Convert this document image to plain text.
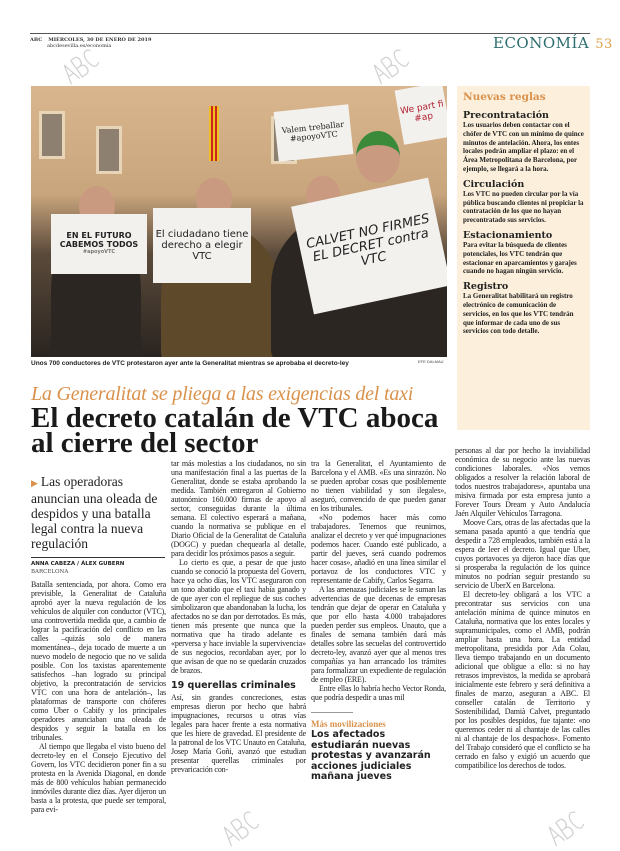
ABC MIÉRCOLES, 30 DE ENERO DE 2019
abcdesevilla.es/economia	ECONOMÍA 53
EN EL FUTURO CABEMOS TODOS
#apoyoVTC
El ciudadano tiene derecho a elegir VTC
Valem treballar #apoyoVTC
CALVET NO FIRMES EL DECRET contra VTC
We part fi #ap
Unos 700 conductores de VTC protestaron ayer ante la Generalitat mientras se aprobaba el decreto-ley	EFE DALMAU
La Generalitat se pliega a las exigencias del taxi
El decreto catalán de VTC aboca al cierre del sector
▶ Las operadoras anuncian una oleada de despidos y una batalla legal contra la nueva regulación
ANNA CABEZA / ÁLEX GUBERN
BARCELONA

Batalla sentenciada, por ahora. Como era previsible, la Generalitat de Cataluña aprobó ayer la nueva regulación de los vehículos de alquiler con conductor (VTC), una controvertida medida que, a cambio de lograr la pacificación del conflicto en las calles –quizás solo de manera momentánea–, deja tocado de muerte a un nuevo modelo de negocio que no ve salida posible. Con los taxistas aparentemente satisfechos –han logrado su principal objetivo, la precontratación de servicios VTC con una hora de antelación–, las plataformas de transporte con chóferes como Uber o Cabify y los principales operadores anunciaban una oleada de despidos y seguir la batalla en los tribunales.

Al tiempo que llegaba el visto bueno del decreto-ley en el Consejo Ejecutivo del Govern, los VTC decidieron poner fin a su protesta en la Avenida Diagonal, en donde más de 800 vehículos habían permanecido inmóviles durante diez días. Ayer dijeron un basta a la protesta, que puede ser temporal, para evi-

tar más molestias a los ciudadanos, no sin una manifestación final a las puertas de la Generalitat, donde se estaba aprobando la medida. También entregaron al Gobierno autonómico 160.000 firmas de apoyo al sector, conseguidas durante la última semana. El colectivo esperará a mañana, cuando la normativa se publique en el Diario Oficial de la Generalitat de Cataluña (DOGC) y puedan chequearla al detalle, para decidir los próximos pasos a seguir.

Lo cierto es que, a pesar de que justo cuando se conoció la propuesta del Govern, hace ya ocho días, los VTC aseguraron con un tono abatido que el taxi había ganado y de que ayer con el repliegue de sus coches simbolizaron que abandonaban la lucha, los afectados no se dan por derrotados. Es más, tienen más presente que nunca que la normativa que ha tirado adelante es «perversa y hace inviable la supervivencia» de sus negocios, recordaban ayer, por lo que avisan de que no se quedarán cruzados de brazos.

19 querellas criminales

Así, sin grandes concreciones, estas empresas dieron por hecho que habrá impugnaciones, recursos u otras vías legales para hacer frente a esta normativa que les hiere de gravedad. El presidente de la patronal de los VTC Unauto en Cataluña, Josep María Goñi, avanzó que estudian presentar querellas criminales por prevaricación con-

tra la Generalitat, el Ayuntamiento de Barcelona y el AMB. «Es una sinrazón. No se pueden aprobar cosas que posiblemente no tienen viabilidad y son ilegales», aseguró, convencido de que pueden ganar en los tribunales.

«No podemos hacer más como trabajadores. Tenemos que reunirnos, analizar el decreto y ver qué impugnaciones podemos hacer. Cuando esté publicado, a partir del jueves, será cuando podremos hacer cosas», añadió en una línea similar el portavoz de los conductores VTC y representante de Cabify, Carlos Segarra.

A las amenazas judiciales se le suman las advertencias de que decenas de empresas tendrán que dejar de operar en Cataluña y que por ello hasta 4.000 trabajadores pueden perder sus empleos. Unauto, que a finales de semana también dará más detalles sobre las secuelas del controvertido decreto-ley, avanzó ayer que al menos tres compañías ya han arrancado los trámites para formalizar un expediente de regulación de empleo (ERE).

Entre ellas lo habría hecho Vector Ronda, que podría despedir a unas mil

Más movilizaciones
Los afectados estudiarán nuevas protestas y avanzarán acciones judiciales mañana jueves

personas al dar por hecho la inviabilidad económica de su negocio ante las nuevas condiciones laborales. «Nos vemos obligados a resolver la relación laboral de todos nuestros trabajadores», apuntaba una misiva firmada por esta empresa junto a Forever Tours Dream y Auto Andalucía Jaén Alquiler Vehículos Tarragona.

Moove Cars, otras de las afectadas que la semana pasada apuntó a que tendría que despedir a 728 empleados, también está a la espera de leer el decreto. Igual que Uber, cuyos portavoces ya dijeron hace días que si prosperaba la regulación de los quince minutos no podrían seguir prestando su servicio de UberX en Barcelona.

El decreto-ley obligará a los VTC a precontratar sus servicios con una antelación mínima de quince minutos en Cataluña, normativa que los entes locales y supramunicipales, como el AMB, podrán ampliar hasta una hora. La entidad metropolitana, presidida por Ada Colau, lleva tiempo trabajando en un documento adicional que obligue a ello: si no hay retrasos imprevistos, la medida se aprobará inicialmente este febrero y será definitiva a finales de marzo, aseguran a ABC. El conseller catalán de Territorio y Sostenibilidad, Damià Calvet, preguntado por los posibles despidos, fue tajante: «no queremos ceder ni al chantaje de las calles ni al chantaje de los despachos». Fomento del Trabajo consideró que el conflicto se ha cerrado en falso y exigió un acuerdo que compatibilice los derechos de todos.

Nuevas reglas
Precontratación

Los usuarios deben contactar con el chófer de VTC con un mínimo de quince minutos de antelación. Ahora, los entes locales podrán ampliar el plazo: en el Área Metropolitana de Barcelona, por ejemplo, se llegará a la hora.

Circulación

Los VTC no pueden circular por la vía pública buscando clientes ni propiciar la contratación de los que no hayan precontratado sus servicios.

Estacionamiento

Para evitar la búsqueda de clientes potenciales, los VTC tendrán que estacionar en aparcamientos y garajes cuando no hagan ningún servicio.

Registro

La Generalitat habilitará un registro electrónico de comunicación de servicios, en los que los VTC tendrán que informar de cada uno de sus servicios con todo detalle.
